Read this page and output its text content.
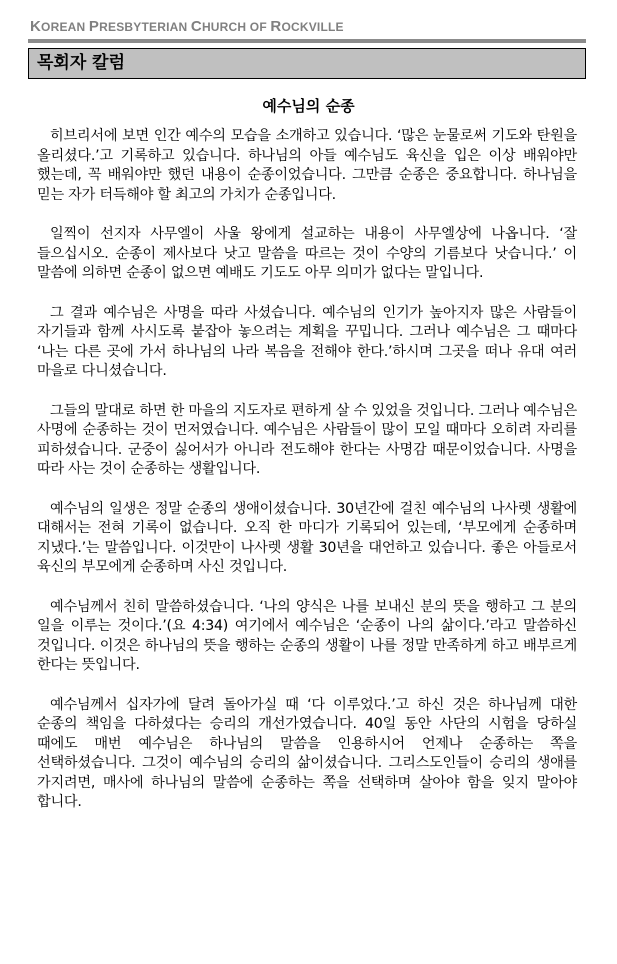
KOREAN PRESBYTERIAN CHURCH OF ROCKVILLE
목회자 칼럼
예수님의 순종

히브리서에 보면 인간 예수의 모습을 소개하고 있습니다. ‘많은 눈물로써 기도와 탄원을 올리셨다.’고 기록하고 있습니다. 하나님의 아들 예수님도 육신을 입은 이상 배워야만 했는데, 꼭 배워야만 했던 내용이 순종이었습니다. 그만큼 순종은 중요합니다. 하나님을 믿는 자가 터득해야 할 최고의 가치가 순종입니다.

일찍이 선지자 사무엘이 사울 왕에게 설교하는 내용이 사무엘상에 나옵니다. ‘잘 들으십시오. 순종이 제사보다 낫고 말씀을 따르는 것이 수양의 기름보다 낫습니다.’ 이 말씀에 의하면 순종이 없으면 예배도 기도도 아무 의미가 없다는 말입니다.

그 결과 예수님은 사명을 따라 사셨습니다. 예수님의 인기가 높아지자 많은 사람들이 자기들과 함께 사시도록 붙잡아 놓으려는 계획을 꾸밉니다. 그러나 예수님은 그 때마다 ‘나는 다른 곳에 가서 하나님의 나라 복음을 전해야 한다.’하시며 그곳을 떠나 유대 여러 마을로 다니셨습니다.

그들의 말대로 하면 한 마을의 지도자로 편하게 살 수 있었을 것입니다. 그러나 예수님은 사명에 순종하는 것이 먼저였습니다. 예수님은 사람들이 많이 모일 때마다 오히려 자리를 피하셨습니다. 군중이 싫어서가 아니라 전도해야 한다는 사명감 때문이었습니다. 사명을 따라 사는 것이 순종하는 생활입니다.

예수님의 일생은 정말 순종의 생애이셨습니다. 30년간에 걸친 예수님의 나사렛 생활에 대해서는 전혀 기록이 없습니다. 오직 한 마디가 기록되어 있는데, ‘부모에게 순종하며 지냈다.’는 말씀입니다. 이것만이 나사렛 생활 30년을 대언하고 있습니다. 좋은 아들로서 육신의 부모에게 순종하며 사신 것입니다.

예수님께서 친히 말씀하셨습니다. ‘나의 양식은 나를 보내신 분의 뜻을 행하고 그 분의 일을 이루는 것이다.’(요 4:34) 여기에서 예수님은 ‘순종이 나의 삶이다.’라고 말씀하신 것입니다. 이것은 하나님의 뜻을 행하는 순종의 생활이 나를 정말 만족하게 하고 배부르게 한다는 뜻입니다.

예수님께서 십자가에 달려 돌아가실 때 ‘다 이루었다.’고 하신 것은 하나님께 대한 순종의 책임을 다하셨다는 승리의 개선가였습니다. 40일 동안 사단의 시험을 당하실 때에도 매번 예수님은 하나님의 말씀을 인용하시어 언제나 순종하는 쪽을 선택하셨습니다. 그것이 예수님의 승리의 삶이셨습니다. 그리스도인들이 승리의 생애를 가지려면, 매사에 하나님의 말씀에 순종하는 쪽을 선택하며 살아야 함을 잊지 말아야 합니다.
